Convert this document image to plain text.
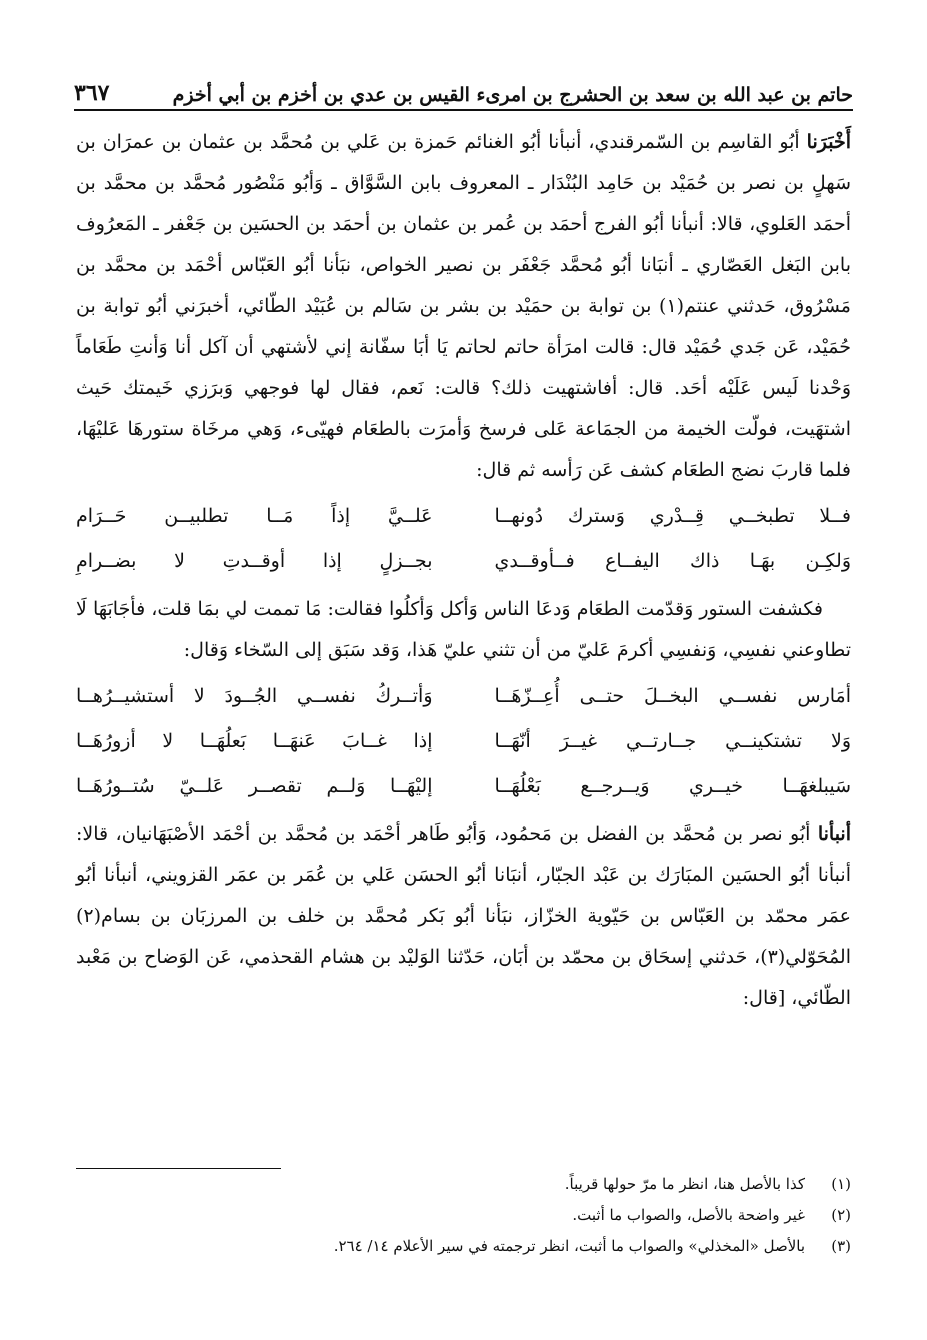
حاتم بن عبد الله بن سعد بن الحشرج بن امرىء القيس بن عدي بن أخزم بن أبي أخزم
٣٦٧

أَخْبَرَنا أبُو القاسِم بن السّمرقندي، أنبأنا أبُو الغنائم حَمزة بن عَلي بن مُحمَّد بن عثمان بن عمرَان بن سَهلٍ بن نصر بن حُمَيْد بن حَامِد البُنْدَار ـ المعروف بابن السَّوَّاق ـ وَأبُو مَنْصُور مُحمَّد بن محمَّد بن أحمَد العَلوي، قالا: أنبأنا أبُو الفرج أحمَد بن عُمر بن عثمان بن أحمَد بن الحسَين بن جَعْفر ـ المَعرُوف بابن البَغل العَصّاري ـ أنبَانا أبُو مُحمَّد جَعْفَر بن نصير الخواص، نبَأنا أبُو العَبّاس أحْمَد بن محمَّد بن مَسْرُوق، حَدثني عنتم(١) بن توابة بن حمَيْد بن بشر بن سَالم بن عُبَيْد الطّائي، أخبرَني أبُو توابة بن حُمَيْد، عَن جَدي حُمَيْد قال: قالت امرَأة حاتم لحاتم يَا أبَا سفّانة إني لأشتهي أن آكل أنا وَأنتِ طَعَاماً وَحْدنا لَيس عَلَيْه أحَد. قال: أفاشتهيت ذلك؟ قالت: نَعم، فقال لها فوجهي وَبرَزي خَيمتك حَيث اشتهَيت، فولّت الخيمة من الجمَاعة عَلى فرسخ وَأمرَت بالطعَام فهيّىء، وَهي مرخَاة ستورهَا عَليْهَا، فلما قاربَ نضج الطعَام كشف عَن رَأسه ثم قال:

فــلا تطبخــي قِــدْري وَسترك دُونهــا
عَلــيَّ إذاً مَــا تطلبيــن حَــرَام
وَلكِـن بهَـا ذاك اليفــاع فــأوقــدي
بجــزلٍ إذا أوقــدتِ لا بضــرامِ

فكشفت الستور وَقدّمت الطعَام وَدعَا الناس وَأكل وَأكلُوا فقالت: مَا تممت لي بمَا قلت، فأجَابَهَا لَا تطاوعني نفسِي، وَنفسِي أكرمَ عَليّ من أن تثني عليّ هَذا، وَقد سَبَق إلى السّخاء وَقال:

أمَارس نفســي البخــلَ حتــى أُعِــزّهَــا
وَأتــركُ نفســي الجُــودَ لا أستشيــرُهــا
وَلا تشتكينــي جــارتــي غيــرَ أنّهَــا
إذا غــابَ عَنهَــا بَعلُهَــا لا أزورُهَــا
سَيبلغهَــا خيــري وَيــرجــع بَعْلُهَــا
إليْهَــا وَلــم تقصــر عَلــيّ سُتــورُهَــا

أنبأنا أبُو نصر بن مُحمَّد بن الفضل بن مَحمُود، وَأبُو طَاهر أحْمَد بن مُحمَّد بن أحْمَد الأصْبَهَانيان، قالا: أنبأنا أبُو الحسَين المبَارَك بن عَبْد الجبّار، أنبَانا أبُو الحسَن عَلي بن عُمَر بن عمَر القزويني، أنبأنا أبُو عمَر محمّد بن العَبّاس بن حَيّوية الخزّاز، نبَأنا أبُو بَكر مُحمَّد بن خلف بن المرزبَان بن بسام(٢) المُحَوّلي(٣)، حَدثني إسحَاق بن محمّد بن أبَان، حَدّثنا الوَليْد بن هشام القحذمي، عَن الوَضاح بن مَعْبد الطّائي، [قال:

(١)
كذا بالأصل هنا، انظر ما مرّ حولها قريباً.
(٢)
غير واضحة بالأصل، والصواب ما أثبت.
(٣)
بالأصل «المخذلي» والصواب ما أثبت، انظر ترجمته في سير الأعلام ١٤/ ٢٦٤.
